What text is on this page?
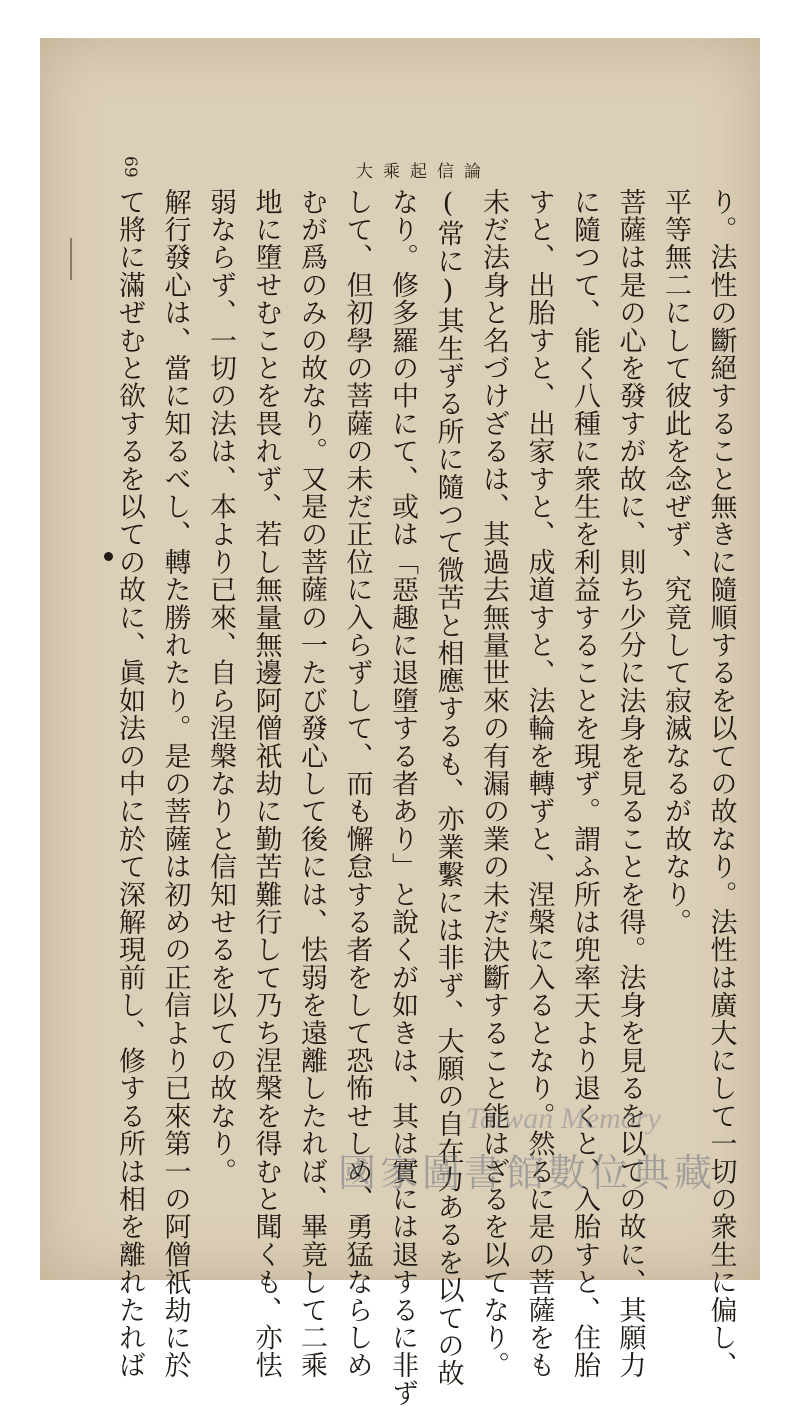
69	大乘起信論
て將に滿ぜむと欲するを以ての故に、眞如法の中に於て深解現前し、修する所は相を離れたれば 解行發心は、當に知るべし、轉た勝れたり。是の菩薩は初めの正信より已來第一の阿僧祇劫に於 弱ならず、一切の法は、本より已來、自ら涅槃なりと信知せるを以ての故なり。 地に墮せむことを畏れず、若し無量無邊阿僧祇劫に勤苦難行して乃ち涅槃を得むと聞くも、亦怯 むが爲のみの故なり。又是の菩薩の一たび發心して後には、怯弱を遠離したれば、畢竟して二乘 して、但初學の菩薩の未だ正位に入らずして、而も懈怠する者をして恐怖せしめ、勇猛ならしめ なり。修多羅の中にて、或は「惡趣に退墮する者あり」と說くが如きは、其は實には退するに非ず (常に)其生ずる所に隨つて微苦と相應するも、亦業繫には非ず、大願の自在力あるを以ての故 未だ法身と名づけざるは、其過去無量世來の有漏の業の未だ決斷すること能はざるを以てなり。 すと、出胎すと、出家すと、成道すと、法輪を轉ずと、涅槃に入るとなり。然るに是の菩薩をも に隨つて、能く八種に衆生を利益することを現ず。謂ふ所は兜率天より退くと、入胎すと、住胎 菩薩は是の心を發すが故に、則ち少分に法身を見ることを得。法身を見るを以ての故に、其願力 平等無二にして彼此を念ぜず、究竟して寂滅なるが故なり。 り。法性の斷絕すること無きに隨順するを以ての故なり。法性は廣大にして一切の衆生に偏し、
Taiwan Memory
國家圖書館數位典藏
